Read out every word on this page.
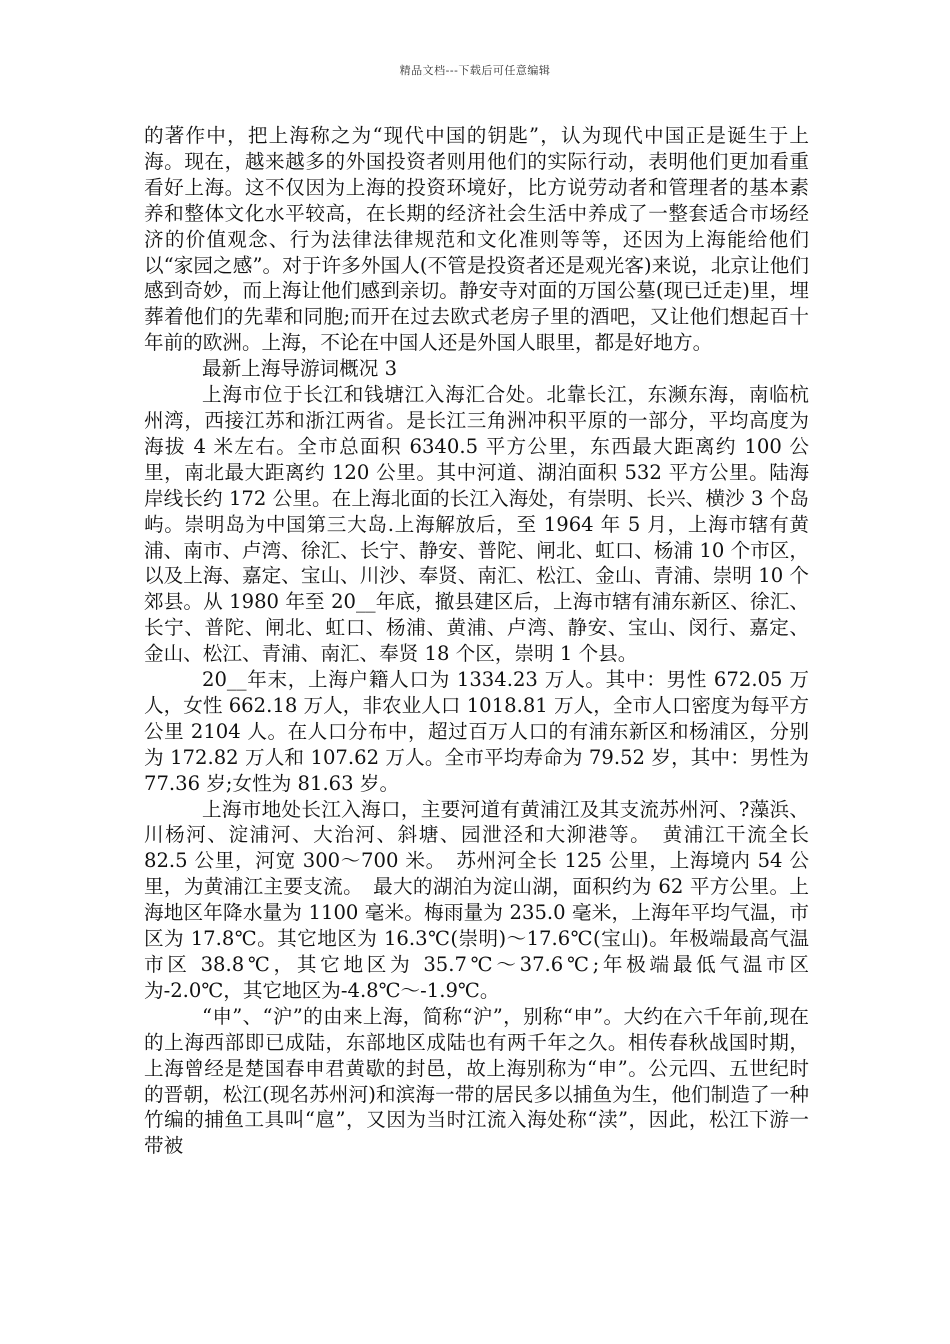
精品文档---下载后可任意编辑

的著作中，把上海称之为“现代中国的钥匙”，认为现代中国正是诞生于上海。现在，越来越多的外国投资者则用他们的实际行动，表明他们更加看重看好上海。这不仅因为上海的投资环境好，比方说劳动者和管理者的基本素养和整体文化水平较高，在长期的经济社会生活中养成了一整套适合市场经济的价值观念、行为法律法律规范和文化准则等等，还因为上海能给他们以“家园之感”。对于许多外国人(不管是投资者还是观光客)来说，北京让他们感到奇妙，而上海让他们感到亲切。静安寺对面的万国公墓(现已迁走)里，埋葬着他们的先辈和同胞;而开在过去欧式老房子里的酒吧，又让他们想起百十年前的欧洲。上海，不论在中国人还是外国人眼里，都是好地方。

最新上海导游词概况 3

上海市位于长江和钱塘江入海汇合处。北靠长江，东濒东海，南临杭州湾，西接江苏和浙江两省。是长江三角洲冲积平原的一部分，平均高度为海拔 4 米左右。全市总面积 6340.5 平方公里，东西最大距离约 100 公里，南北最大距离约 120 公里。其中河道、湖泊面积 532 平方公里。陆海岸线长约 172 公里。在上海北面的长江入海处，有崇明、长兴、横沙 3 个岛屿。崇明岛为中国第三大岛.上海解放后，至 1964 年 5 月，上海市辖有黄浦、南市、卢湾、徐汇、长宁、静安、普陀、闸北、虹口、杨浦 10 个市区，以及上海、嘉定、宝山、川沙、奉贤、南汇、松江、金山、青浦、崇明 10 个郊县。从 1980 年至 20__年底，撤县建区后，上海市辖有浦东新区、徐汇、长宁、普陀、闸北、虹口、杨浦、黄浦、卢湾、静安、宝山、闵行、嘉定、金山、松江、青浦、南汇、奉贤 18 个区，崇明 1 个县。

20__年末，上海户籍人口为 1334.23 万人。其中：男性 672.05 万人，女性 662.18 万人，非农业人口 1018.81 万人，全市人口密度为每平方公里 2104 人。在人口分布中，超过百万人口的有浦东新区和杨浦区，分别为 172.82 万人和 107.62 万人。全市平均寿命为 79.52 岁，其中：男性为 77.36 岁;女性为 81.63 岁。

上海市地处长江入海口，主要河道有黄浦江及其支流苏州河、?藻浜、川杨河、淀浦河、大治河、斜塘、园泄泾和大泖港等。　黄浦江干流全长 82.5 公里，河宽 300～700 米。　苏州河全长 125 公里，上海境内 54 公里，为黄浦江主要支流。　最大的湖泊为淀山湖，面积约为 62 平方公里。上海地区年降水量为 1100 毫米。梅雨量为 235.0 毫米，上海年平均气温，市区为 17.8℃。其它地区为 16.3℃(崇明)～17.6℃(宝山)。年极端最高气温市区 38.8℃，其它地区为 35.7℃～37.6℃;年极端最低气温市区为-2.0℃，其它地区为-4.8℃～-1.9℃。

“申”、“沪”的由来上海，简称“沪”，别称“申”。大约在六千年前,现在的上海西部即已成陆，东部地区成陆也有两千年之久。相传春秋战国时期，上海曾经是楚国春申君黄歇的封邑，故上海别称为“申”。公元四、五世纪时的晋朝，松江(现名苏州河)和滨海一带的居民多以捕鱼为生，他们制造了一种竹编的捕鱼工具叫“扈”，又因为当时江流入海处称“渎”，因此，松江下游一带被
